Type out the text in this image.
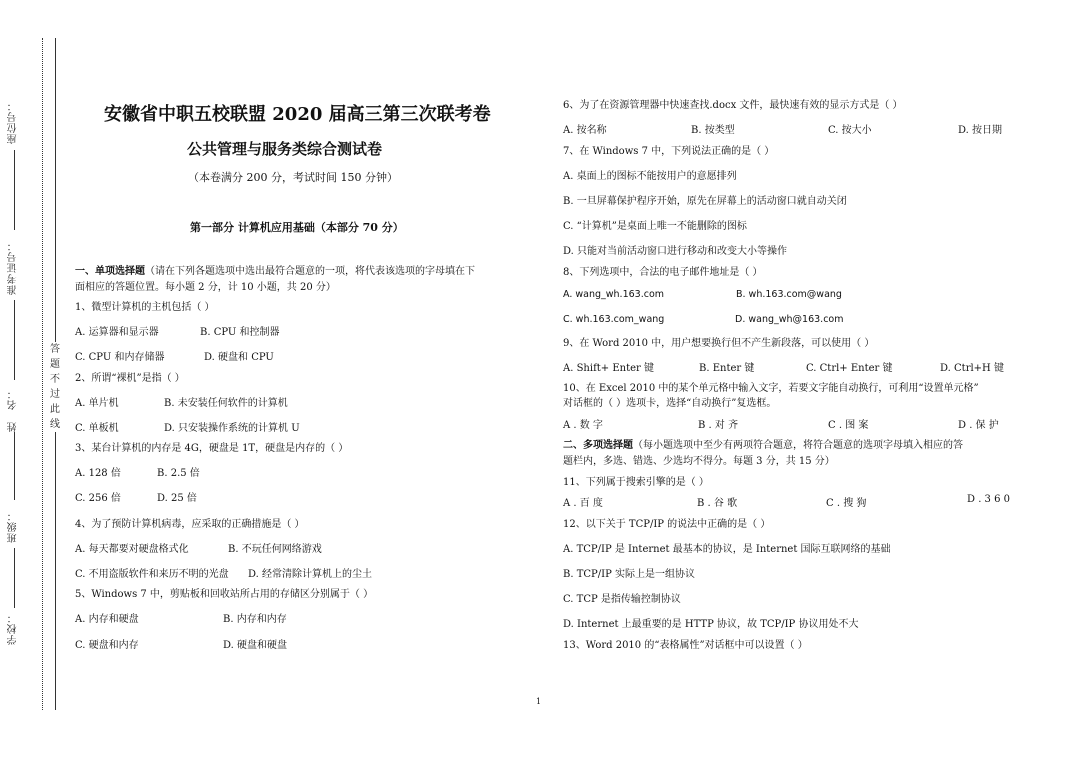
座位号：
准考证号：
姓　名：
班级：
学校：
答
题
不
过
此
线
安徽省中职五校联盟 2020 届高三第三次联考卷
公共管理与服务类综合测试卷
（本卷满分 200 分，考试时间 150 分钟）
第一部分 计算机应用基础（本部分 70 分）
一、单项选择题（请在下列各题选项中选出最符合题意的一项，将代表该选项的字母填在下
面相应的答题位置。每小题 2 分，计 10 小题，共 20 分）
1、微型计算机的主机包括（ ）
A. 运算器和显示器	B. CPU 和控制器
C. CPU 和内存储器	D. 硬盘和 CPU
2、所谓“裸机”是指（ ）
A. 单片机	B. 未安装任何软件的计算机
C. 单板机	D. 只安装操作系统的计算机 U
3、某台计算机的内存是 4G，硬盘是 1T，硬盘是内存的（ ）
A. 128 倍	B. 2.5 倍
C. 256 倍	D. 25 倍
4、为了预防计算机病毒，应采取的正确措施是（ ）
A. 每天都要对硬盘格式化	B. 不玩任何网络游戏
C. 不用盗版软件和来历不明的光盘 D. 经常清除计算机上的尘土
5、Windows 7 中，剪贴板和回收站所占用的存储区分别属于（ ）
A. 内存和硬盘	B. 内存和内存
C. 硬盘和内存	D. 硬盘和硬盘
6、为了在资源管理器中快速查找.docx 文件，最快速有效的显示方式是（ ）
A. 按名称	B. 按类型	C. 按大小	D. 按日期
7、在 Windows 7 中，下列说法正确的是（ ）
A. 桌面上的图标不能按用户的意愿排列
B. 一旦屏幕保护程序开始，原先在屏幕上的活动窗口就自动关闭
C. “计算机”是桌面上唯一不能删除的图标
D. 只能对当前活动窗口进行移动和改变大小等操作
8、下列选项中，合法的电子邮件地址是（ ）
A. wang_wh.163.com	B. wh.163.com@wang
C. wh.163.com_wang	D. wang_wh@163.com
9、在 Word 2010 中，用户想要换行但不产生新段落，可以使用（ ）
A. Shift+ Enter 键	B. Enter 键	C. Ctrl+ Enter 键	D. Ctrl+H 键
10、在 Excel 2010 中的某个单元格中输入文字，若要文字能自动换行，可利用“设置单元格”
对话框的（ ）选项卡，选择“自动换行”复选框。
A . 数 字	B . 对 齐	C . 图 案	D . 保 护
二、多项选择题（每小题选项中至少有两项符合题意，将符合题意的选项字母填入相应的答
题栏内，多选、错选、少选均不得分。每题 3 分，共 15 分）
11、下列属于搜索引擎的是（ ）
A . 百 度	B . 谷 歌	C . 搜 狗	D . 3 6 0
12、以下关于 TCP/IP 的说法中正确的是（ ）
A. TCP/IP 是 Internet 最基本的协议，是 Internet 国际互联网络的基础
B. TCP/IP 实际上是一组协议
C. TCP 是指传输控制协议
D. Internet 上最重要的是 HTTP 协议，故 TCP/IP 协议用处不大
13、Word 2010 的“表格属性”对话框中可以设置（ ）
1
